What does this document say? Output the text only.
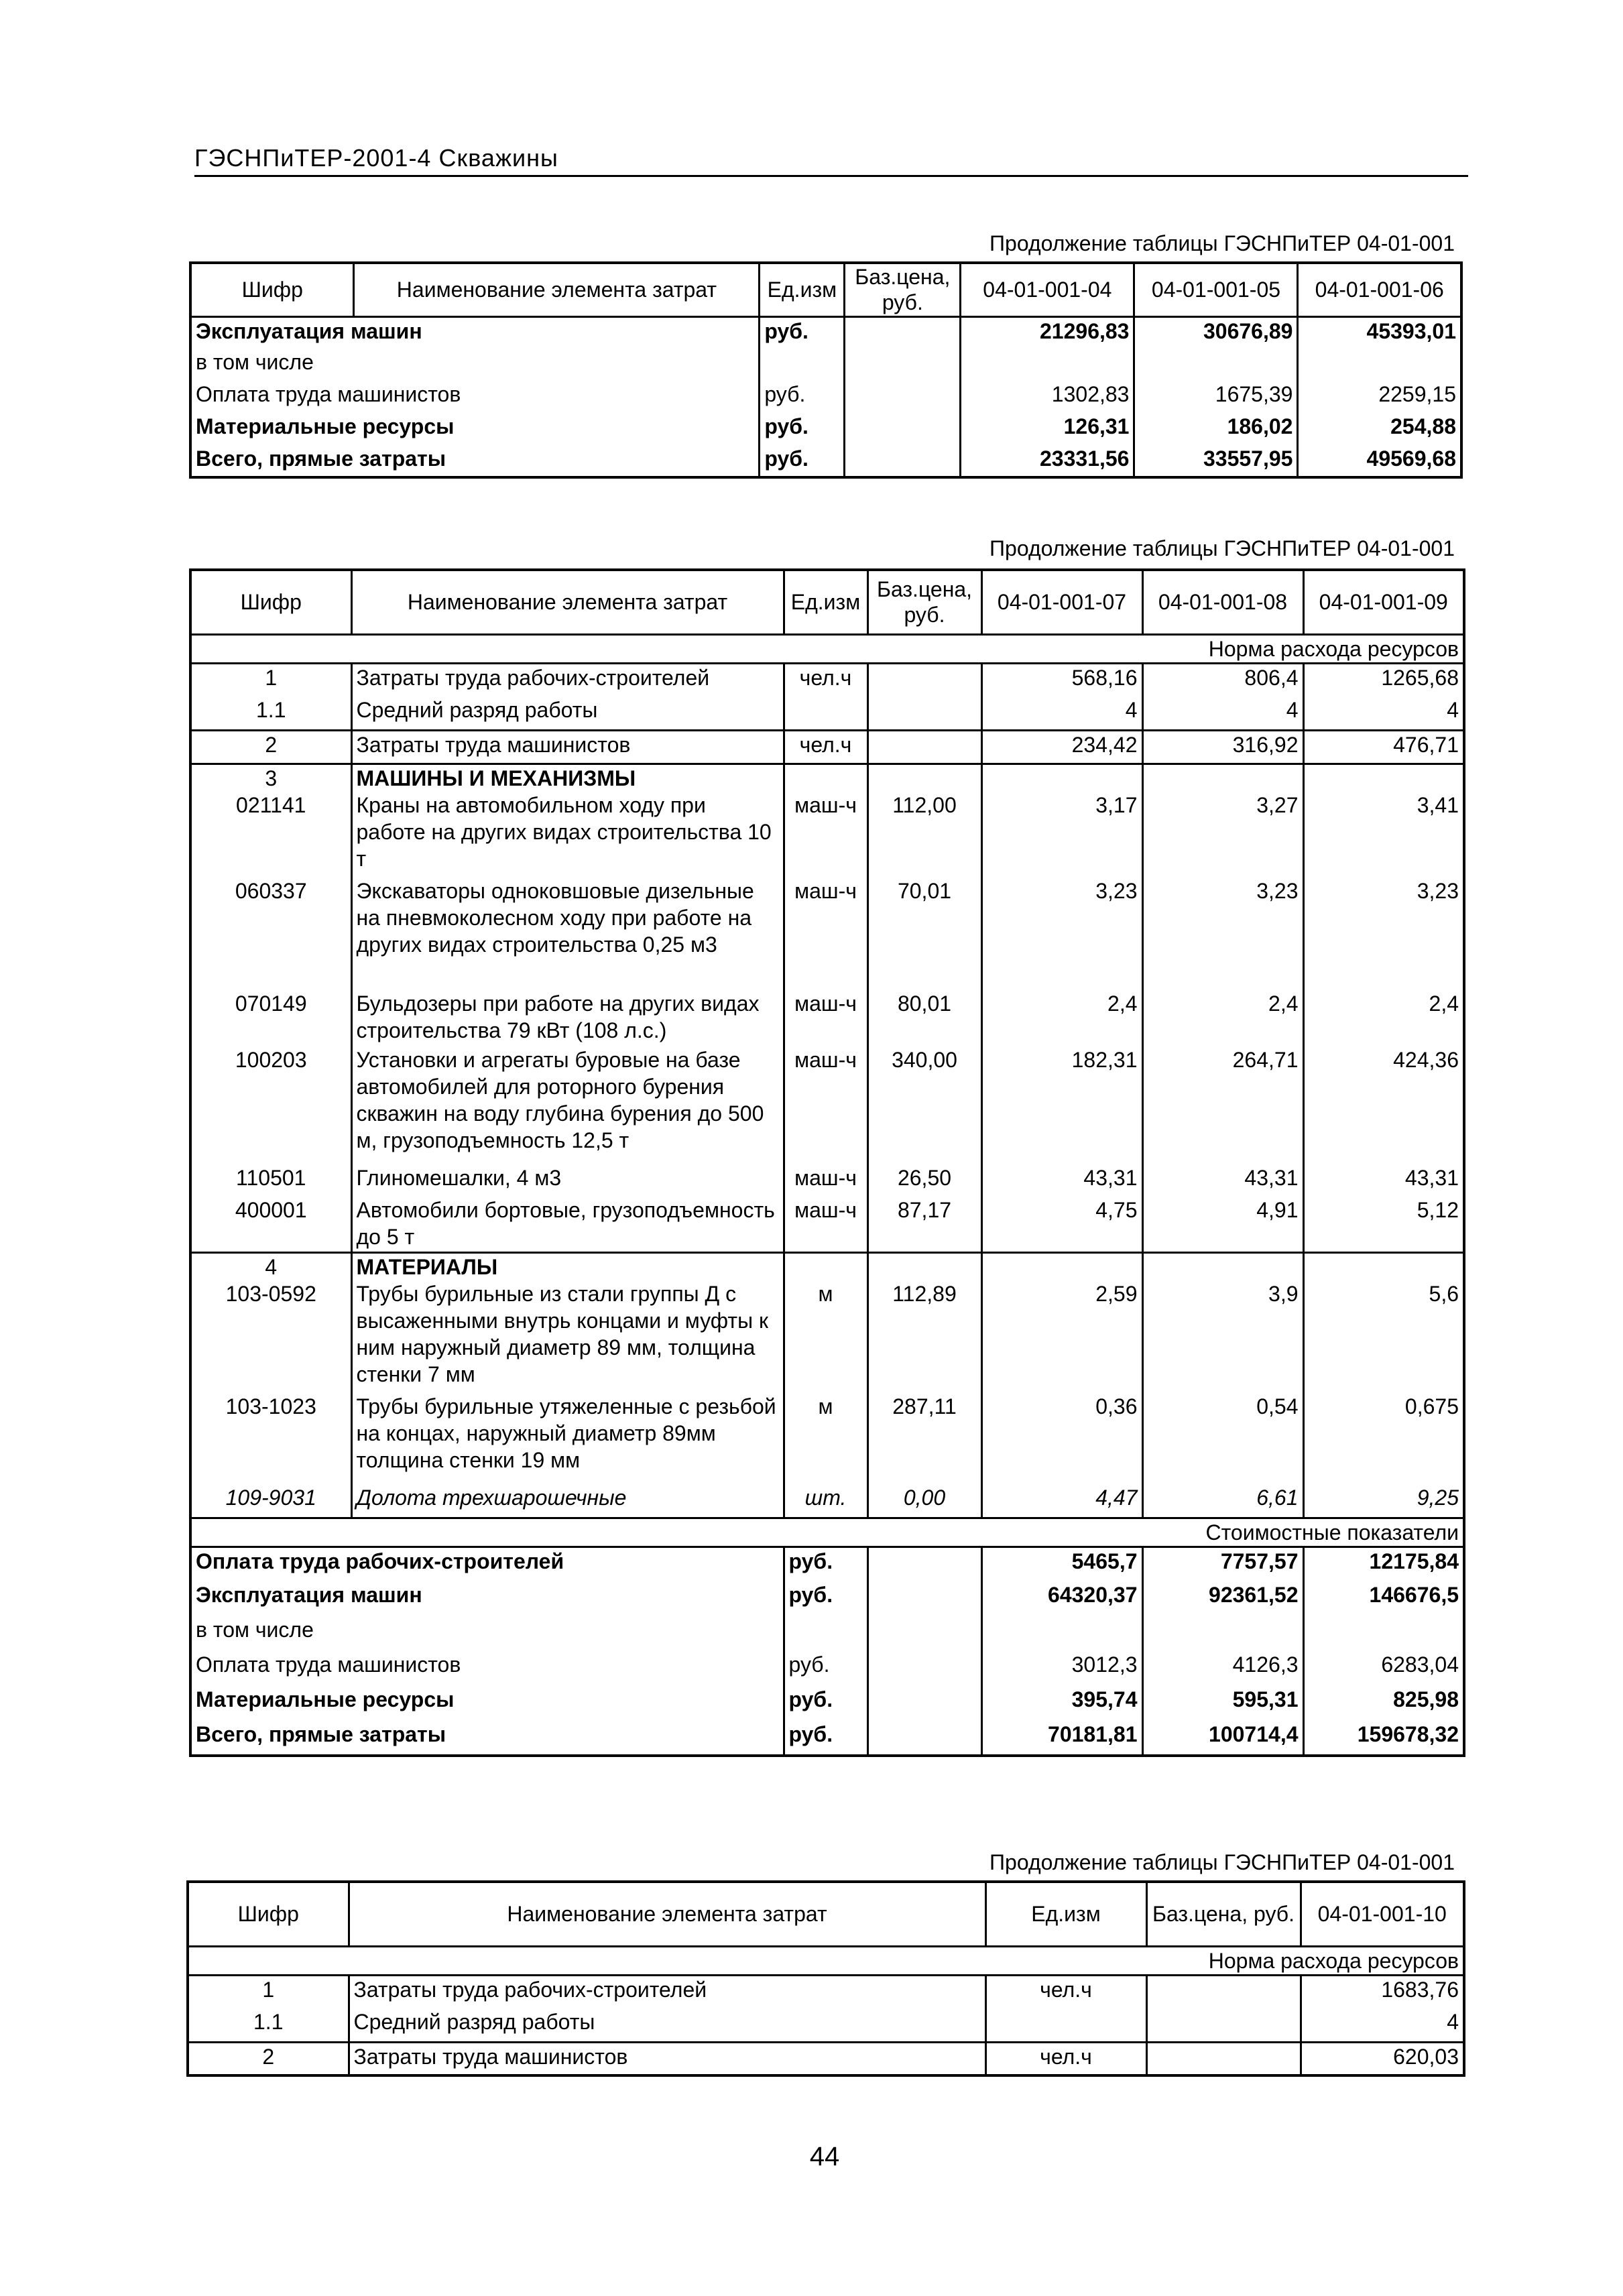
ГЭСНПиТЕР-2001-4 Скважины
Продолжение таблицы ГЭСНПиТЕР 04-01-001
Шифр	Наименование элемента затрат	Ед.изм	Баз.цена, руб.	04-01-001-04	04-01-001-05	04-01-001-06
Эксплуатация машин		руб.		21296,83	30676,89	45393,01
в том числе						
Оплата труда машинистов		руб.		1302,83	1675,39	2259,15
Материальные ресурсы		руб.		126,31	186,02	254,88
Всего, прямые затраты		руб.		23331,56	33557,95	49569,68
Продолжение таблицы ГЭСНПиТЕР 04-01-001
Шифр	Наименование элемента затрат	Ед.изм	Баз.цена, руб.	04-01-001-07	04-01-001-08	04-01-001-09
Норма расхода ресурсов						
1	Затраты труда рабочих-строителей	чел.ч		568,16	806,4	1265,68
1.1	Средний разряд работы			4	4	4
2	Затраты труда машинистов	чел.ч		234,42	316,92	476,71
3	МАШИНЫ И МЕХАНИЗМЫ					
021141	Краны на автомобильном ходу при работе на других видах строительства 10 т	маш-ч	112,00	3,17	3,27	3,41
060337	Экскаваторы одноковшовые дизельные на пневмоколесном ходу при работе на других видах строительства 0,25 м3	маш-ч	70,01	3,23	3,23	3,23
070149	Бульдозеры при работе на других видах строительства 79 кВт (108 л.с.)	маш-ч	80,01	2,4	2,4	2,4
100203	Установки и агрегаты буровые на базе автомобилей для роторного бурения скважин на воду глубина бурения до 500 м, грузоподъемность 12,5 т	маш-ч	340,00	182,31	264,71	424,36
110501	Глиномешалки, 4 м3	маш-ч	26,50	43,31	43,31	43,31
400001	Автомобили бортовые, грузоподъемность до 5 т	маш-ч	87,17	4,75	4,91	5,12
4	МАТЕРИАЛЫ					
103-0592	Трубы бурильные из стали группы Д с высаженными внутрь концами и муфты к ним наружный диаметр 89 мм, толщина стенки 7 мм	м	112,89	2,59	3,9	5,6
103-1023	Трубы бурильные утяжеленные с резьбой на концах, наружный диаметр 89мм толщина стенки 19 мм	м	287,11	0,36	0,54	0,675
109-9031	Долота трехшарошечные	шт.	0,00	4,47	6,61	9,25
Стоимостные показатели						
Оплата труда рабочих-строителей		руб.		5465,7	7757,57	12175,84
Эксплуатация машин		руб.		64320,37	92361,52	146676,5
в том числе						
Оплата труда машинистов		руб.		3012,3	4126,3	6283,04
Материальные ресурсы		руб.		395,74	595,31	825,98
Всего, прямые затраты		руб.		70181,81	100714,4	159678,32
Продолжение таблицы ГЭСНПиТЕР 04-01-001
Шифр	Наименование элемента затрат	Ед.изм	Баз.цена, руб.	04-01-001-10
Норма расхода ресурсов				
1	Затраты труда рабочих-строителей	чел.ч		1683,76
1.1	Средний разряд работы			4
2	Затраты труда машинистов	чел.ч		620,03
44
